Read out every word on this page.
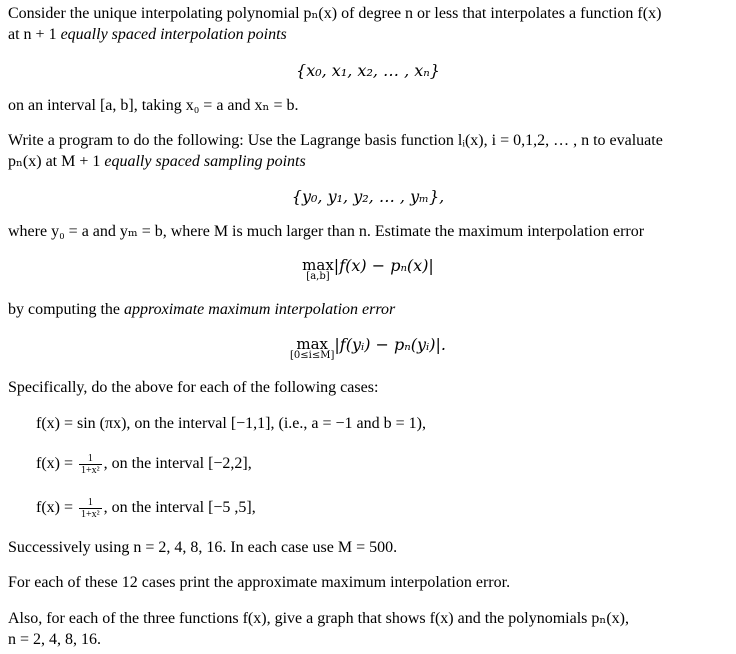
Consider the unique interpolating polynomial pₙ(x) of degree n or less that interpolates a function f(x)
at n + 1 equally spaced interpolation points
{x₀, x₁, x₂, … , xₙ}
on an interval [a, b], taking x₀ = a and xₙ = b.
Write a program to do the following: Use the Lagrange basis function lᵢ(x), i = 0,1,2, … , n to evaluate
pₙ(x) at M + 1 equally spaced sampling points
{y₀, y₁, y₂, … , yₘ},
where y₀ = a and yₘ = b, where M is much larger than n. Estimate the maximum interpolation error
max
[a,b]
|f(x) − pₙ(x)|
by computing the approximate maximum interpolation error
max
[0≤i≤M]
|f(yᵢ) − pₙ(yᵢ)|.
Specifically, do the above for each of the following cases:
f(x) = sin (πx), on the interval [−1,1], (i.e., a = −1 and b = 1),
$f(x) = \frac{1}{\text{1+x²}}$ , on the interval [−2,2],
$f(x) = \frac{1}{\text{1+x²}}$ , on the interval [−5 ,5],
Successively using n = 2, 4, 8, 16. In each case use M = 500.
For each of these 12 cases print the approximate maximum interpolation error.
Also, for each of the three functions f(x), give a graph that shows f(x) and the polynomials pₙ(x),
n = 2, 4, 8, 16.
